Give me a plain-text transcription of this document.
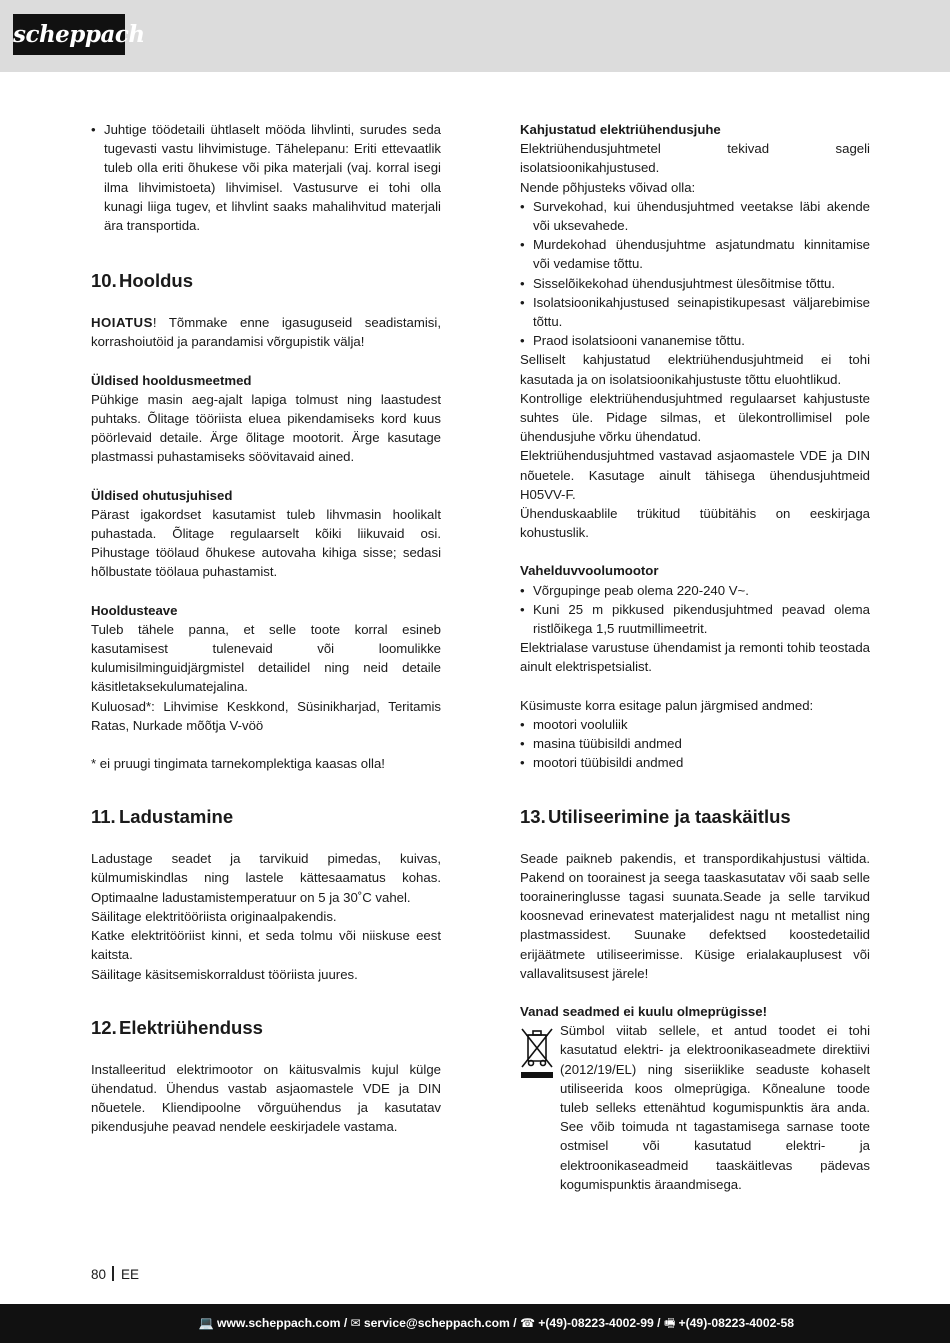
scheppach
• Juhtige töödetaili ühtlaselt mööda lihvlinti, surudes seda tugevasti vastu lihvimistuge. Tähelepanu: Eriti ettevaatlik tuleb olla eriti õhukese või pika materjali (vaj. korral isegi ilma lihvimistoeta) lihvimisel. Vastusurve ei tohi olla kunagi liiga tugev, et lihvlint saaks mahalihvitud materjali ära transportida.
10. Hooldus

HOIATUS! Tõmmake enne igasuguseid seadistamisi, korrashoiutöid ja parandamisi võrgupistik välja!

Üldised hooldusmeetmed

Pühkige masin aeg-ajalt lapiga tolmust ning laastudest puhtaks. Õlitage tööriista eluea pikendamiseks kord kuus pöörlevaid detaile. Ärge õlitage mootorit. Ärge kasutage plastmassi puhastamiseks söövitavaid ained.

Üldised ohutusjuhised

Pärast igakordset kasutamist tuleb lihvmasin hoolikalt puhastada. Õlitage regulaarselt kõiki liikuvaid osi. Pihustage töölaud õhukese autovaha kihiga sisse; sedasi hõlbustate töölaua puhastamist.

Hooldusteave

Tuleb tähele panna, et selle toote korral esineb kasutamisest tulenevaid või loomulikke kulumisilminguidjärgmistel detailidel ning neid detaile käsitletaksekulumatejalina.

Kuluosad*: Lihvimise Keskkond, Süsinikharjad, Teritamis Ratas, Nurkade mõõtja V-vöö

* ei pruugi tingimata tarnekomplektiga kaasas olla!

11. Ladustamine

Ladustage seadet ja tarvikuid pimedas, kuivas, külmumiskindlas ning lastele kättesaamatus kohas. Optimaalne ladustamistemperatuur on 5 ja 30˚C vahel.

Säilitage elektritööriista originaalpakendis.

Katke elektritööriist kinni, et seda tolmu või niiskuse eest kaitsta.

Säilitage käsitsemiskorraldust tööriista juures.

12. Elektriühenduss

Installeeritud elektrimootor on käitusvalmis kujul külge ühendatud. Ühendus vastab asjaomastele VDE ja DIN nõuetele. Kliendipoolne võrguühendus ja kasutatav pikendusjuhe peavad nendele eeskirjadele vastama.

Kahjustatud elektriühendusjuhe

Elektriühendusjuhtmetel tekivad sageli isolatsioonikahjustused.

Nende põhjusteks võivad olla:

• Survekohad, kui ühendusjuhtmed veetakse läbi akende või uksevahede.
• Murdekohad ühendusjuhtme asjatundmatu kinnitamise või vedamise tõttu.
• Sisselõikekohad ühendusjuhtmest ülesõitmise tõttu.
• Isolatsioonikahjustused seinapistikupesast väljarebimise tõttu.
• Praod isolatsiooni vananemise tõttu.

Selliselt kahjustatud elektriühendusjuhtmeid ei tohi kasutada ja on isolatsioonikahjustuste tõttu eluohtlikud.

Kontrollige elektriühendusjuhtmed regulaarset kahjustuste suhtes üle. Pidage silmas, et ülekontrollimisel pole ühendusjuhe võrku ühendatud.

Elektriühendusjuhtmed vastavad asjaomastele VDE ja DIN nõuetele. Kasutage ainult tähisega ühendusjuhtmeid H05VV-F.

Ühenduskaablile trükitud tüübitähis on eeskirjaga kohustuslik.

Vahelduvvoolumootor

• Võrgupinge peab olema 220-240 V~.
• Kuni 25 m pikkused pikendusjuhtmed peavad olema ristlõikega 1,5 ruutmillimeetrit.

Elektrialase varustuse ühendamist ja remonti tohib teostada ainult elektrispetsialist.

Küsimuste korra esitage palun järgmised andmed:

• mootori vooluliik
• masina tüübisildi andmed
• mootori tüübisildi andmed
13. Utiliseerimine ja taaskäitlus

Seade paikneb pakendis, et transpordikahjustusi vältida. Pakend on toorainest ja seega taaskasutatav või saab selle tooraineringlusse tagasi suunata.Seade ja selle tarvikud koosnevad erinevatest materjalidest nagu nt metallist ning plastmassidest. Suunake defektsed koostedetailid erijäätmete utiliseerimisse. Küsige erialakauplusest või vallavalitsusest järele!

Vanad seadmed ei kuulu olmeprügisse!

Sümbol viitab sellele, et antud toodet ei tohi kasutatud elektri- ja elektroonikaseadmete direktiivi (2012/19/EL) ning siseriiklike seaduste kohaselt utiliseerida koos olmeprügiga. Kõnealune toode tuleb selleks ettenähtud kogumispunktis ära anda. See võib toimuda nt tagastamisega sarnase toote ostmisel või kasutatud elektri- ja elektroonikaseadmeid taaskäitlevas pädevas kogumispunktis äraandmisega.

80 EE
💻 www.scheppach.com / ✉ service@scheppach.com / ☎ +(49)-08223-4002-99 / 🖷 +(49)-08223-4002-58
